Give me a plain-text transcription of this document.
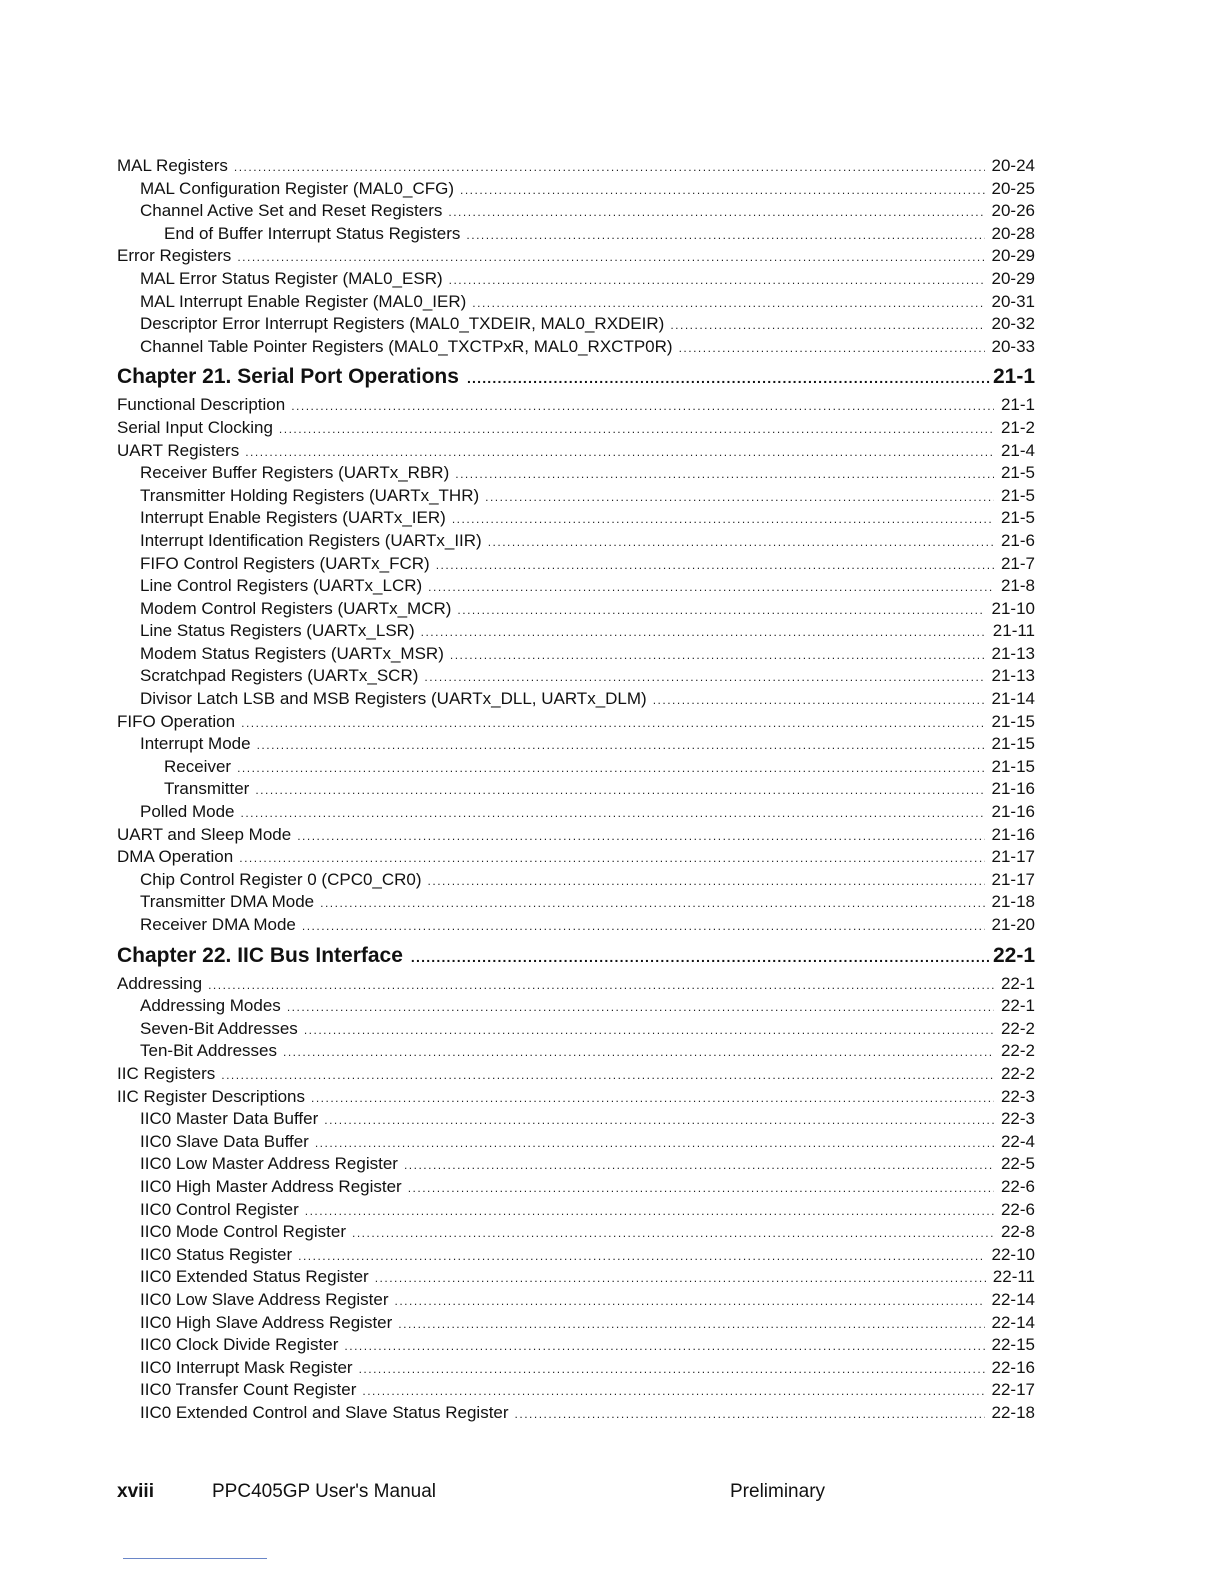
MAL Registers .....	20-24
MAL Configuration Register (MAL0_CFG) .....	20-25
Channel Active Set and Reset Registers .....	20-26
End of Buffer Interrupt Status Registers .....	20-28
Error Registers .....	20-29
MAL Error Status Register (MAL0_ESR) .....	20-29
MAL Interrupt Enable Register (MAL0_IER) .....	20-31
Descriptor Error Interrupt Registers (MAL0_TXDEIR, MAL0_RXDEIR) .....	20-32
Channel Table Pointer Registers (MAL0_TXCTPxR, MAL0_RXCTP0R) .....	20-33
Chapter 21. Serial Port Operations .....	21-1
Functional Description .....	21-1
Serial Input Clocking .....	21-2
UART Registers .....	21-4
Receiver Buffer Registers (UARTx_RBR) .....	21-5
Transmitter Holding Registers (UARTx_THR) .....	21-5
Interrupt Enable Registers (UARTx_IER) .....	21-5
Interrupt Identification Registers (UARTx_IIR) .....	21-6
FIFO Control Registers (UARTx_FCR) .....	21-7
Line Control Registers (UARTx_LCR) .....	21-8
Modem Control Registers (UARTx_MCR) .....	21-10
Line Status Registers (UARTx_LSR) .....	21-11
Modem Status Registers (UARTx_MSR) .....	21-13
Scratchpad Registers (UARTx_SCR) .....	21-13
Divisor Latch LSB and MSB Registers (UARTx_DLL, UARTx_DLM) .....	21-14
FIFO Operation .....	21-15
Interrupt Mode .....	21-15
Receiver .....	21-15
Transmitter .....	21-16
Polled Mode .....	21-16
UART and Sleep Mode .....	21-16
DMA Operation .....	21-17
Chip Control Register 0 (CPC0_CR0) .....	21-17
Transmitter DMA Mode .....	21-18
Receiver DMA Mode .....	21-20
Chapter 22. IIC Bus Interface .....	22-1
Addressing .....	22-1
Addressing Modes .....	22-1
Seven-Bit Addresses .....	22-2
Ten-Bit Addresses .....	22-2
IIC Registers .....	22-2
IIC Register Descriptions .....	22-3
IIC0 Master Data Buffer .....	22-3
IIC0 Slave Data Buffer .....	22-4
IIC0 Low Master Address Register .....	22-5
IIC0 High Master Address Register .....	22-6
IIC0 Control Register .....	22-6
IIC0 Mode Control Register .....	22-8
IIC0 Status Register .....	22-10
IIC0 Extended Status Register .....	22-11
IIC0 Low Slave Address Register .....	22-14
IIC0 High Slave Address Register .....	22-14
IIC0 Clock Divide Register .....	22-15
IIC0 Interrupt Mask Register .....	22-16
IIC0 Transfer Count Register .....	22-17
IIC0 Extended Control and Slave Status Register .....	22-18
xviii	PPC405GP User's Manual	Preliminary
